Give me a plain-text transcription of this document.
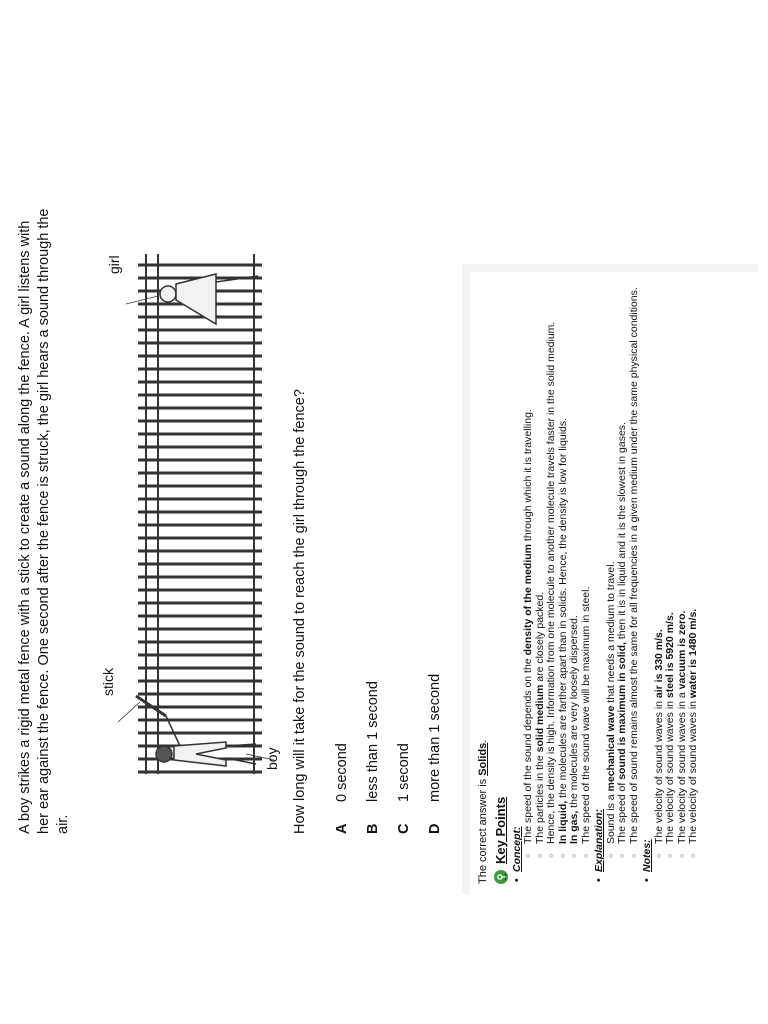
A boy strikes a rigid metal fence with a stick to create a sound along the fence. A girl listens with her ear against the fence. One second after the fence is struck, the girl hears a sound through the air.
stick
boy
girl
How long will it take for the sound to reach the girl through the fence? A
0 second
B
less than 1 second
C
1 second
D
more than 1 second

The correct answer is Solids.

⚲
Key Points • Concept:
○ The speed of the sound depends on the density of the medium through which it is travelling.
○ The particles in the solid medium are closely packed. ○ Hence, the density is high. Information from one molecule to another molecule travels faster in the solid medium. ○ In liquid, the molecules are farther apart than in solids. Hence, the density is low for liquids.
○ In gas, the molecules are very loosely dispersed. ○ The speed of the sound wave will be maximum in steel. • Explanation: ○ Sound is a mechanical wave that needs a medium to travel.
○ The speed of sound is maximum in solid, then it is in liquid and it is the slowest in gases. ○ The speed of sound remains almost the same for all frequencies in a given medium under the same physical conditions.
• Notes:
○ The velocity of sound waves in air is 330 m/s.
○ The velocity of sound waves in steel is 5920 m/s.
○ The velocity of sound waves in a vacuum is zero.
○ The velocity of sound waves in water is 1480 m/s.
